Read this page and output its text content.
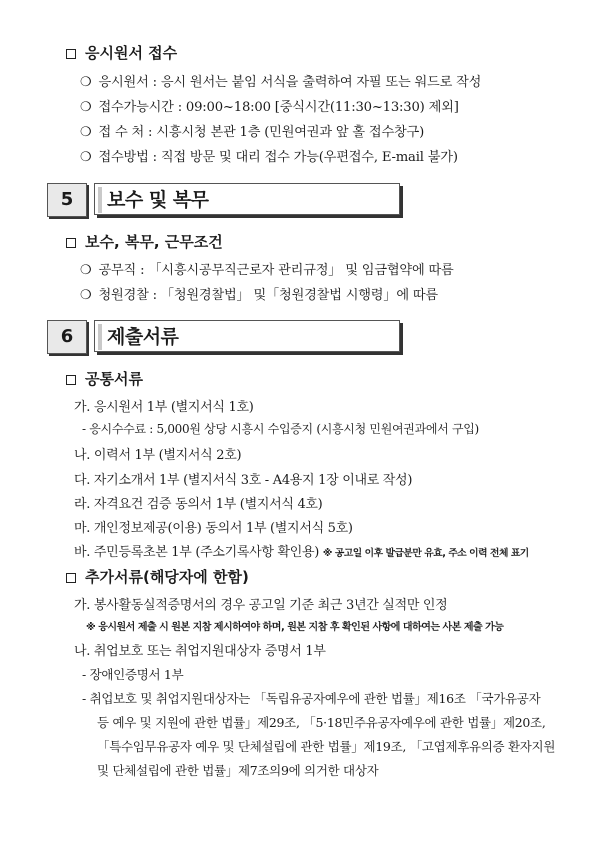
응시원서 접수
❍ 응시원서 : 응시 원서는 붙임 서식을 출력하여 자필 또는 워드로 작성
❍ 접수가능시간 : 09:00~18:00 [중식시간(11:30~13:30) 제외]
❍ 접 수 처 : 시흥시청 본관 1층 (민원여권과 앞 홀 접수창구)
❍ 접수방법 : 직접 방문 및 대리 접수 가능(우편접수, E-mail 불가)
5	보수 및 복무
보수, 복무, 근무조건
❍ 공무직 : 「시흥시공무직근로자 관리규정」 및 임금협약에 따름
❍ 청원경찰 : 「청원경찰법」 및「청원경찰법 시행령」에 따름
6	제출서류
공통서류
가. 응시원서 1부 (별지서식 1호)
- 응시수수료 : 5,000원 상당 시흥시 수입증지 (시흥시청 민원여권과에서 구입)
나. 이력서 1부 (별지서식 2호)
다. 자기소개서 1부 (별지서식 3호 - A4용지 1장 이내로 작성)
라. 자격요건 검증 동의서 1부 (별지서식 4호)
마. 개인정보제공(이용) 동의서 1부 (별지서식 5호)
바. 주민등록초본 1부 (주소기록사항 확인용) ※ 공고일 이후 발급분만 유효, 주소 이력 전체 표기
추가서류(해당자에 한함)
가. 봉사활동실적증명서의 경우 공고일 기준 최근 3년간 실적만 인정
※ 응시원서 제출 시 원본 지참 제시하여야 하며, 원본 지참 후 확인된 사항에 대하여는 사본 제출 가능
나. 취업보호 또는 취업지원대상자 증명서 1부
- 장애인증명서 1부
- 취업보호 및 취업지원대상자는 「독립유공자예우에 관한 법률」제16조 「국가유공자
등 예우 및 지원에 관한 법률」제29조, 「5·18민주유공자예우에 관한 법률」제20조,
「특수임무유공자 예우 및 단체설립에 관한 법률」제19조, 「고엽제후유의증 환자지원
및 단체설립에 관한 법률」제7조의9에 의거한 대상자
